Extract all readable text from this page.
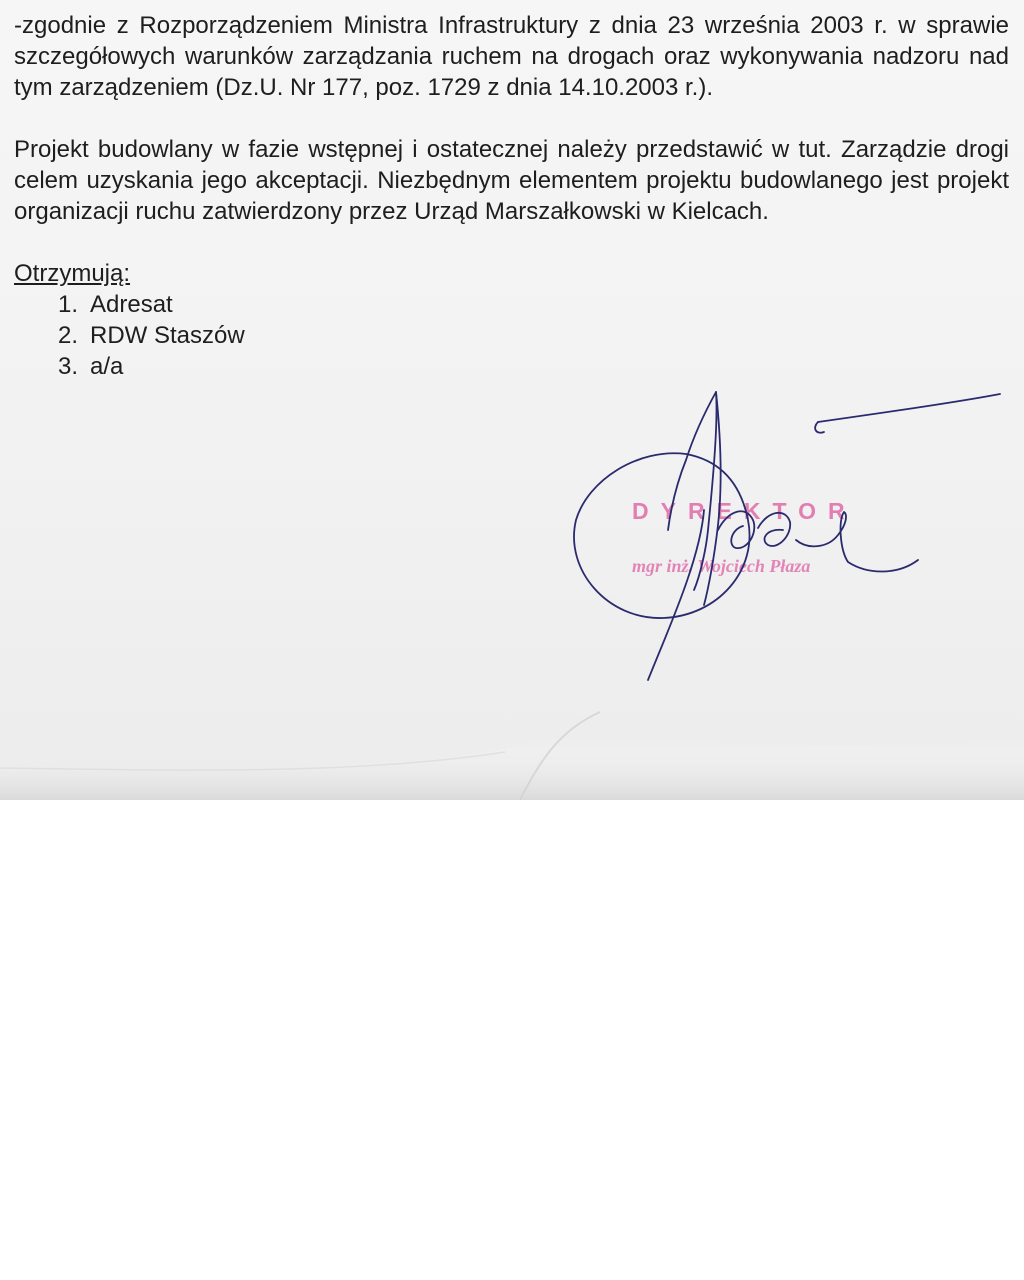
-zgodnie z Rozporządzeniem Ministra Infrastruktury z dnia 23 września 2003 r. w sprawie szczegółowych warunków zarządzania ruchem na drogach oraz wykonywania nadzoru nad tym zarządzeniem (Dz.U. Nr 177, poz. 1729 z dnia 14.10.2003 r.).

Projekt budowlany w fazie wstępnej i ostatecznej należy przedstawić w tut. Zarządzie drogi celem uzyskania jego akceptacji. Niezbędnym elementem projektu budowlanego jest projekt organizacji ruchu zatwierdzony przez Urząd Marszałkowski w Kielcach.

Otrzymują:
1. Adresat
2. RDW Staszów
3. a/a
DYREKTOR
mgr inż. Wojciech Płaza
